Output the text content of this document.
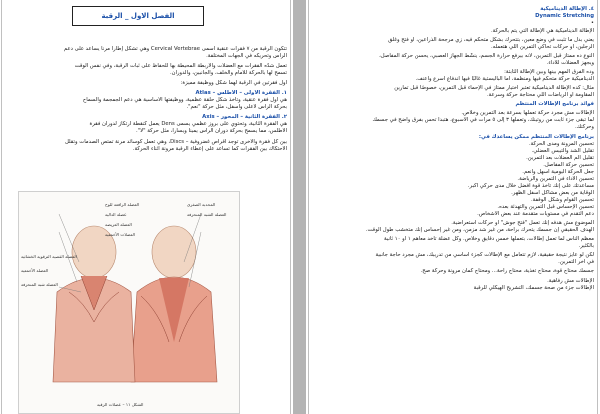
الفصل الاول _ الرقبة
تتكون الرقبة من ٧ فقرات عنقية أسمى Cervical Vertebrae وهي تشكّل إطاراً مرناً يساعد على دعم
الرأس وتحريكه في الجهات المختلفة.
تعمل شدّه الفقرات مع العضلات والأربطة المحيطة بها للحفاظ على ثبات الرقبة، وفي نفس الوقت
تسمح لها بالحركة للأمام والخلف، والجانبين، والدوران.
أول فقرتين في الرقبة لهما شكل ووظيفة مميزة:
١. الفقرة الأولى – الأطلس – Atlas
هي أول فقرة عنقية، وتأخذ شكل حلقة عظمية، ووظيفتها الأساسية هي دعم الجمجمة والسماح
بحركة الرأس لأعلى وأسفل، مثل حركة "نعم".
٢. الفقرة الثانية – المحور – Axis
هي الفقرة الثانية، وتحتوي على بروز عظمي يسمى Dens يعمل كنقطة ارتكاز لدوران فقرة
الأطلس، مما يسمح بحركة دوران الرأس يميناً ويساراً، مثل حركة "لا".
بين كل فقرة والأخرى توجد أقراص غضروفية – Discs، وهي تعمل كوسائد مرنة تمتص الصدمات وتقلل
الاحتكاك بين الفقرات كما تساعد على إعطاء الرقبة مرونة أثناء الحركة.
العضلة القصية الترقوية الخشائية
العضلة الأخمعية
العضلة شبه المنحرفة
العضلة الرافعة للوح
عضلة الدالية
العضلة العريضة
العضلات الأخمعية
المحدبة الصغرى
العضلة الشبه المنحرفة
الشكل ١١ – عضلات الرقبة
٤. الإطالة الديناميكية
Dynamic Stretching
•
الإطالة الديناميكية هي الإطالة التي يتم بالحركة.
يعني بدل ما تثبت في وضع معين، بتتحرك بشكل متحكم فيه، زي مرجحة الذراعين، أو فتح وغلق
الرجلين، أو حركات تحاكي التمرين اللي هتعمله.
النوع ده ممتاز قبل التمرين، لأنه بيرفع حرارة الجسم، ينشّط الجهاز العصبي، يحسن حركة المفاصل،
ويجهز العضلات للأداء.
وده الفرق المهم بينها وبين الإطالة الثابتة:
الديناميكية حركة متحكم فيها ومنظمة، أما الباليستية غالبًا فيها اندفاع أسرع وأعنف.
مثال: كده الإطالة الديناميكية تعتبر اختيار ممتاز في الإحماء قبل التمرين، خصوصًا قبل تمارين
المقاومة أو الرياضات اللي محتاجة حركة وسرعة.
فوائد برنامج الإطالات المنتظم
الإطالات مش مجرد حركة تعملها بسرعة بعد التمرين وخلاص.
لما تبقى جزء ثابت من روتينك، وتعملها ٣ إلى ٥ مرات في الأسبوع، هتبدأ تحس بفرق واضح في جسمك
وحركتك.
برنامج الإطالات المنتظم ممكن يساعدك في:
تحسين المرونة ومدى الحركة.
تقليل الشد والتيبس العضلي.
تقليل ألم العضلات بعد التمرين.
تحسين حركة المفاصل.
جعل الحركة اليومية أسهل وأنعم.
تحسين الأداء في التمرين والرياضة.
مساعدتك على إنك تأخذ قوة أفضل خلال مدى حركي أكبر.
الوقاية من بعض مشاكل أسفل الظهر.
تحسين القوام وشكل الوقفة.
تحسين الإحساس قبل التمرين والتهدئة بعده.
دعم التقدم في مستويات متقدمة عند بعض الأشخاص.
الموضوع مش هدفه إنك تعمل "فتح جوش" أو حركات استعراضية.
الهدف الحقيقي إن جسمك يتحرك براحة، من غير شد مزمن، ومن غير إحساس إنك متخشب طول الوقت.
معظم الناس لما تعمل إطالات، بتعملها خمس دقايق وخلاص. وكل عضلة تاخد معاهم ١ أو ١٠ ثانية
بالكثير.
لكن لو عايز نتيجة حقيقية، لازم تتعامل مع الإطالات كجزء أساسي من تدريبك، مش مجرد حاجة جانبية
في آخر التمرين.
جسمك محتاج قوة، محتاج تغذية، محتاج راحة... ومحتاج كمان مرونة وحركة صح.
الإطالات مش رفاهية.
الإطالات جزء من صحة جسمك، التشريح الهيكلي للرقبة
